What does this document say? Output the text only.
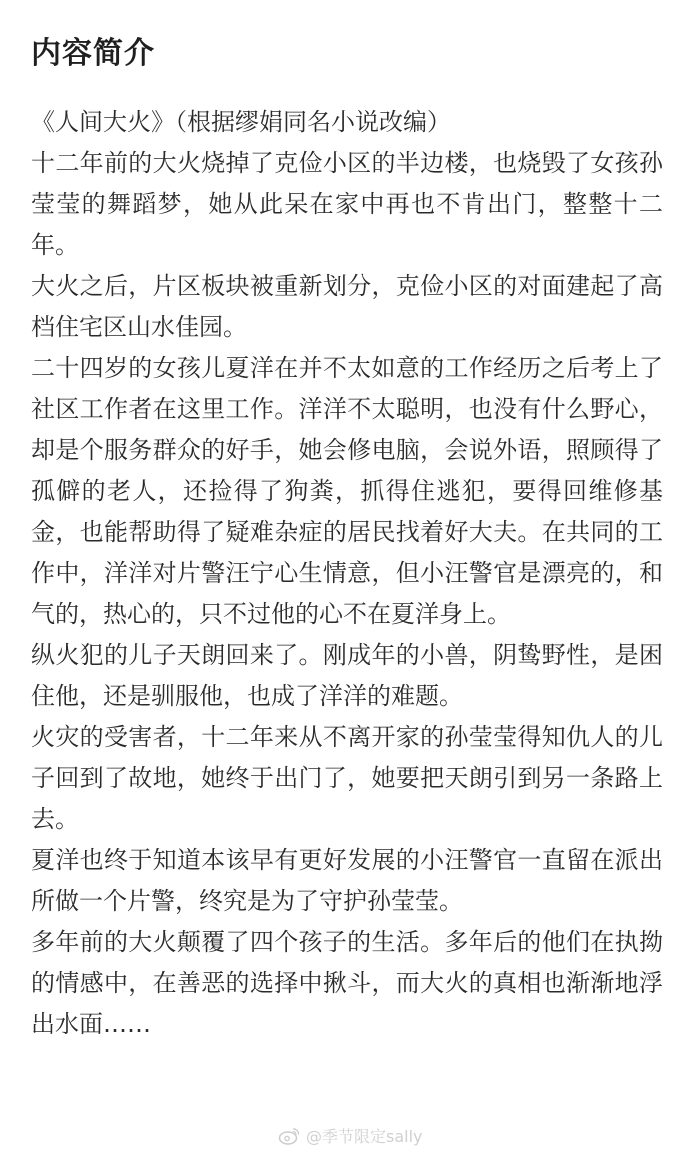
内容简介

《人间大火》（根据缪娟同名小说改编）

十二年前的大火烧掉了克俭小区的半边楼，也烧毁了女孩孙莹莹的舞蹈梦，她从此呆在家中再也不肯出门，整整十二年。

大火之后，片区板块被重新划分，克俭小区的对面建起了高档住宅区山水佳园。

二十四岁的女孩儿夏洋在并不太如意的工作经历之后考上了社区工作者在这里工作。洋洋不太聪明，也没有什么野心，却是个服务群众的好手，她会修电脑，会说外语，照顾得了孤僻的老人，还捡得了狗粪，抓得住逃犯，要得回维修基金，也能帮助得了疑难杂症的居民找着好大夫。在共同的工作中，洋洋对片警汪宁心生情意，但小汪警官是漂亮的，和气的，热心的，只不过他的心不在夏洋身上。

纵火犯的儿子天朗回来了。刚成年的小兽，阴鸷野性，是困住他，还是驯服他，也成了洋洋的难题。

火灾的受害者，十二年来从不离开家的孙莹莹得知仇人的儿子回到了故地，她终于出门了，她要把天朗引到另一条路上去。

夏洋也终于知道本该早有更好发展的小汪警官一直留在派出所做一个片警，终究是为了守护孙莹莹。

多年前的大火颠覆了四个孩子的生活。多年后的他们在执拗的情感中，在善恶的选择中揪斗，而大火的真相也渐渐地浮出水面……

@季节限定sally
